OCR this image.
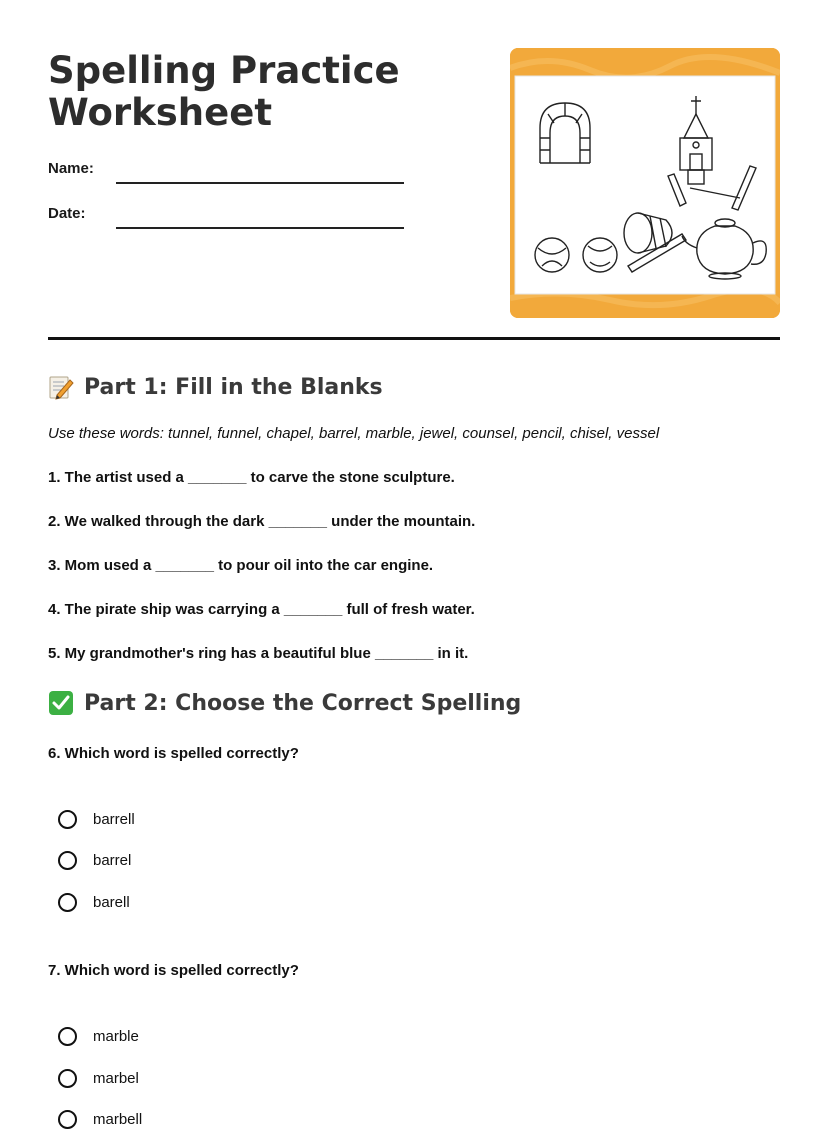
Spelling Practice Worksheet
Name:
Date:
Part 1: Fill in the Blanks
Use these words: tunnel, funnel, chapel, barrel, marble, jewel, counsel, pencil, chisel, vessel
1. The artist used a _______ to carve the stone sculpture.
2. We walked through the dark _______ under the mountain.
3. Mom used a _______ to pour oil into the car engine.
4. The pirate ship was carrying a _______ full of fresh water.
5. My grandmother's ring has a beautiful blue _______ in it.
Part 2: Choose the Correct Spelling
6. Which word is spelled correctly?
barrell
barrel
barell
7. Which word is spelled correctly?
marble
marbel
marbell
